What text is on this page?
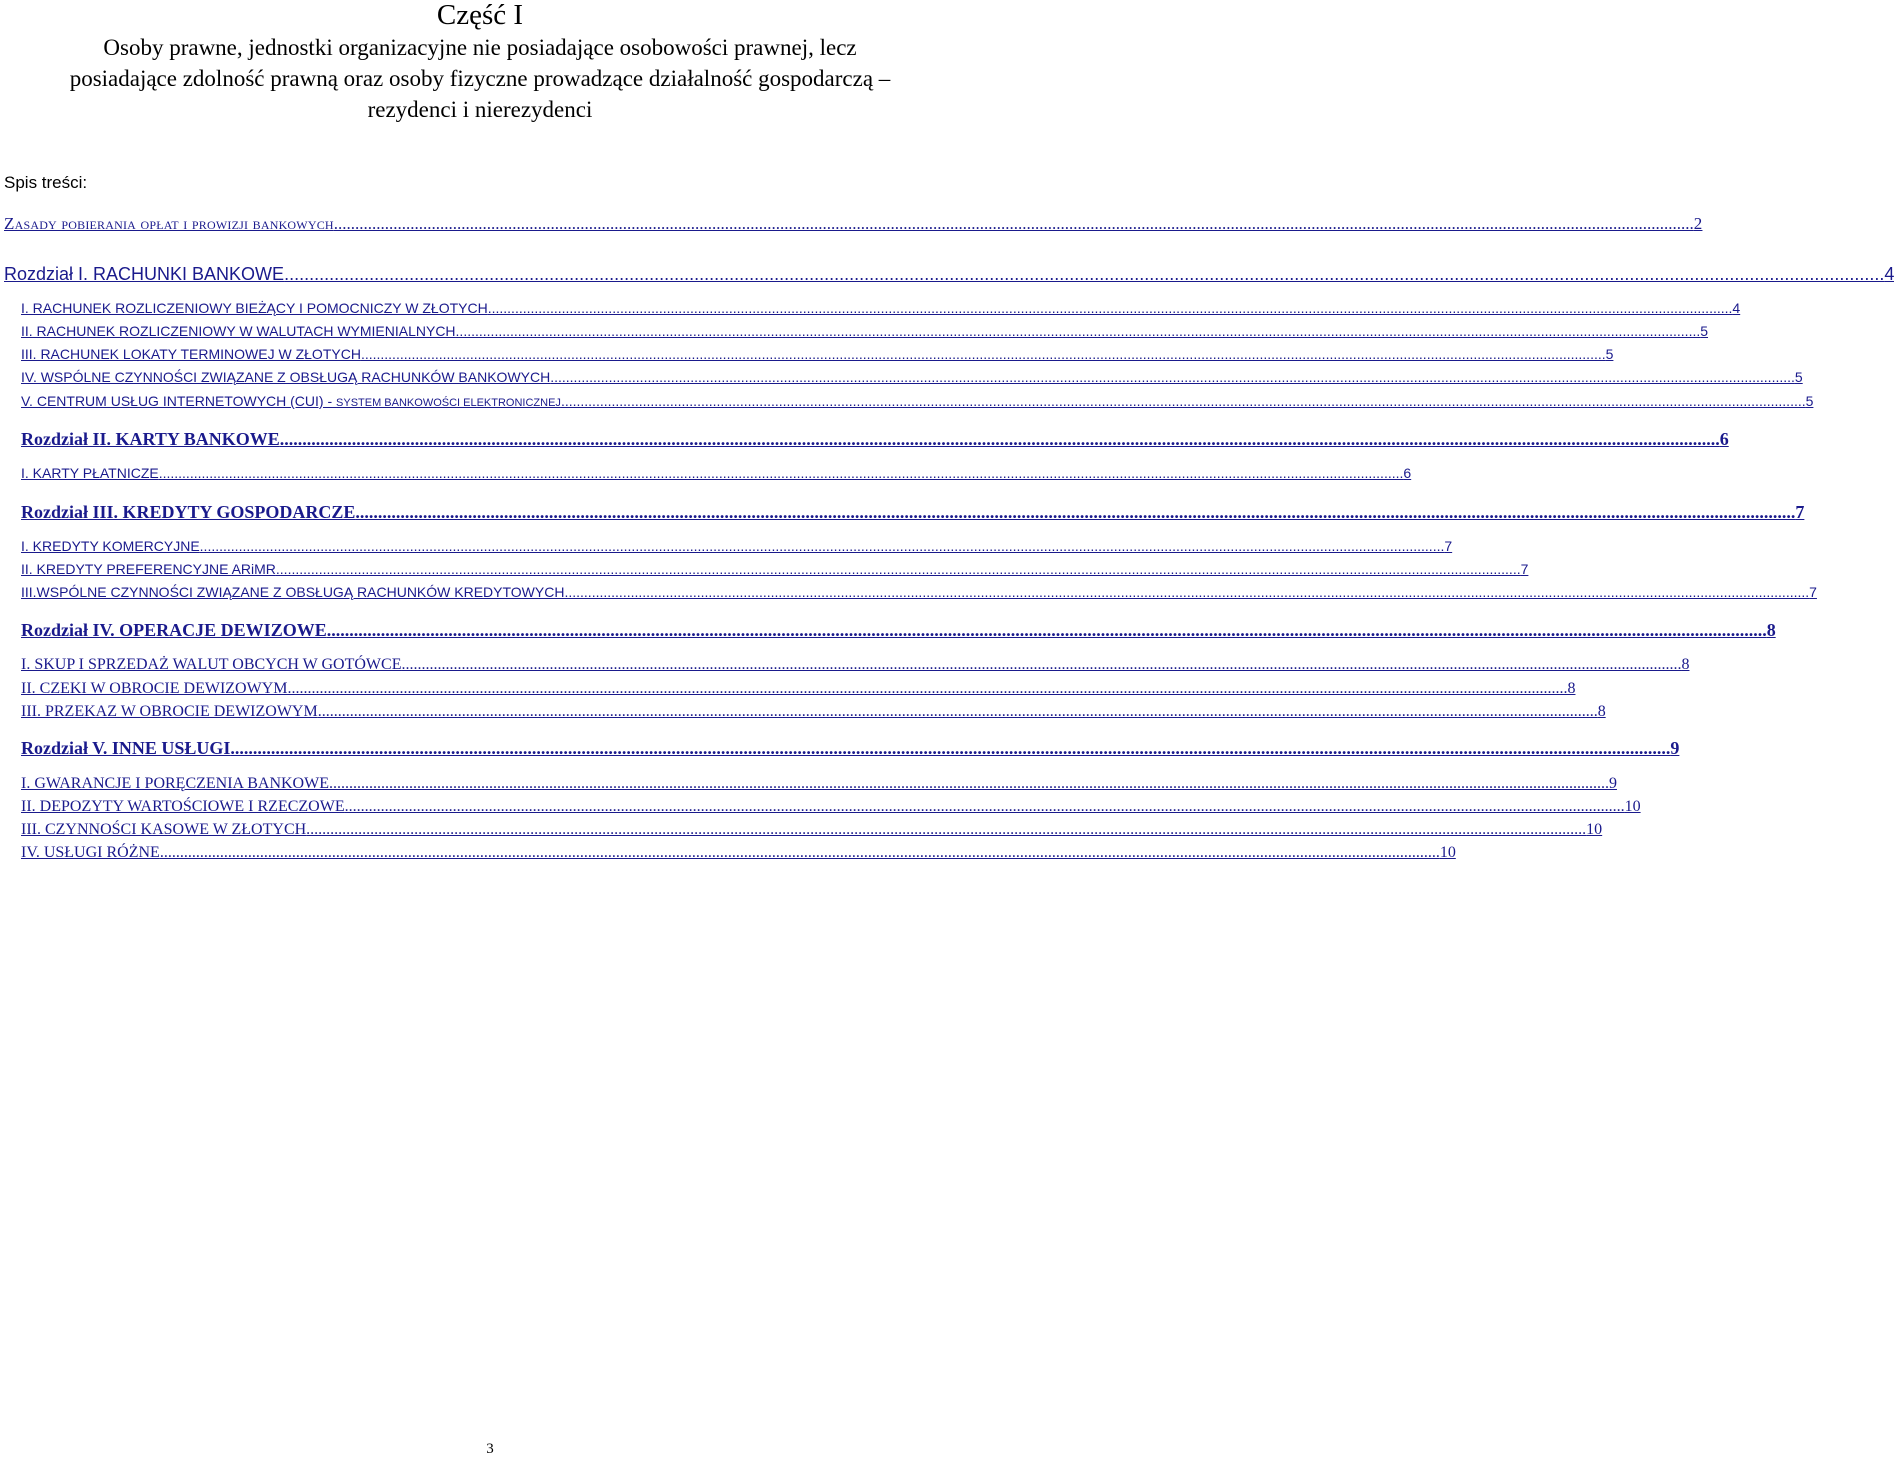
Część I
Osoby prawne, jednostki organizacyjne nie posiadające osobowości prawnej, lecz
posiadające zdolność prawną oraz osoby fizyczne prowadzące działalność gospodarczą –
rezydenci i nierezydenci
Spis treści:
Zasady pobierania opłat i prowizji bankowych .....	2
Rozdział I. RACHUNKI BANKOWE .....	4
I. RACHUNEK ROZLICZENIOWY BIEŻĄCY I POMOCNICZY W ZŁOTYCH .....	4
II. RACHUNEK ROZLICZENIOWY W WALUTACH WYMIENIALNYCH .....	5
III. RACHUNEK LOKATY TERMINOWEJ W ZŁOTYCH .....	5
IV. WSPÓLNE CZYNNOŚCI ZWIĄZANE Z OBSŁUGĄ RACHUNKÓW BANKOWYCH .....	5
V. CENTRUM USŁUG INTERNETOWYCH (CUI) - SYSTEM BANKOWOŚCI ELEKTRONICZNEJ .....	5
Rozdział II. KARTY BANKOWE .....	6
I. KARTY PŁATNICZE .....	6
Rozdział III. KREDYTY GOSPODARCZE .....	7
I. KREDYTY KOMERCYJNE .....	7
II. KREDYTY PREFERENCYJNE ARiMR .....	7
III.WSPÓLNE CZYNNOŚCI ZWIĄZANE Z OBSŁUGĄ RACHUNKÓW KREDYTOWYCH .....	7
Rozdział IV. OPERACJE DEWIZOWE .....	8
I. SKUP I SPRZEDAŻ WALUT OBCYCH W GOTÓWCE .....	8
II. CZEKI W OBROCIE DEWIZOWYM .....	8
III. PRZEKAZ W OBROCIE DEWIZOWYM .....	8
Rozdział V. INNE USŁUGI .....	9
I. GWARANCJE I PORĘCZENIA BANKOWE .....	9
II. DEPOZYTY WARTOŚCIOWE I RZECZOWE .....	10
III. CZYNNOŚCI KASOWE W ZŁOTYCH .....	10
IV. USŁUGI RÓŻNE .....	10
3
